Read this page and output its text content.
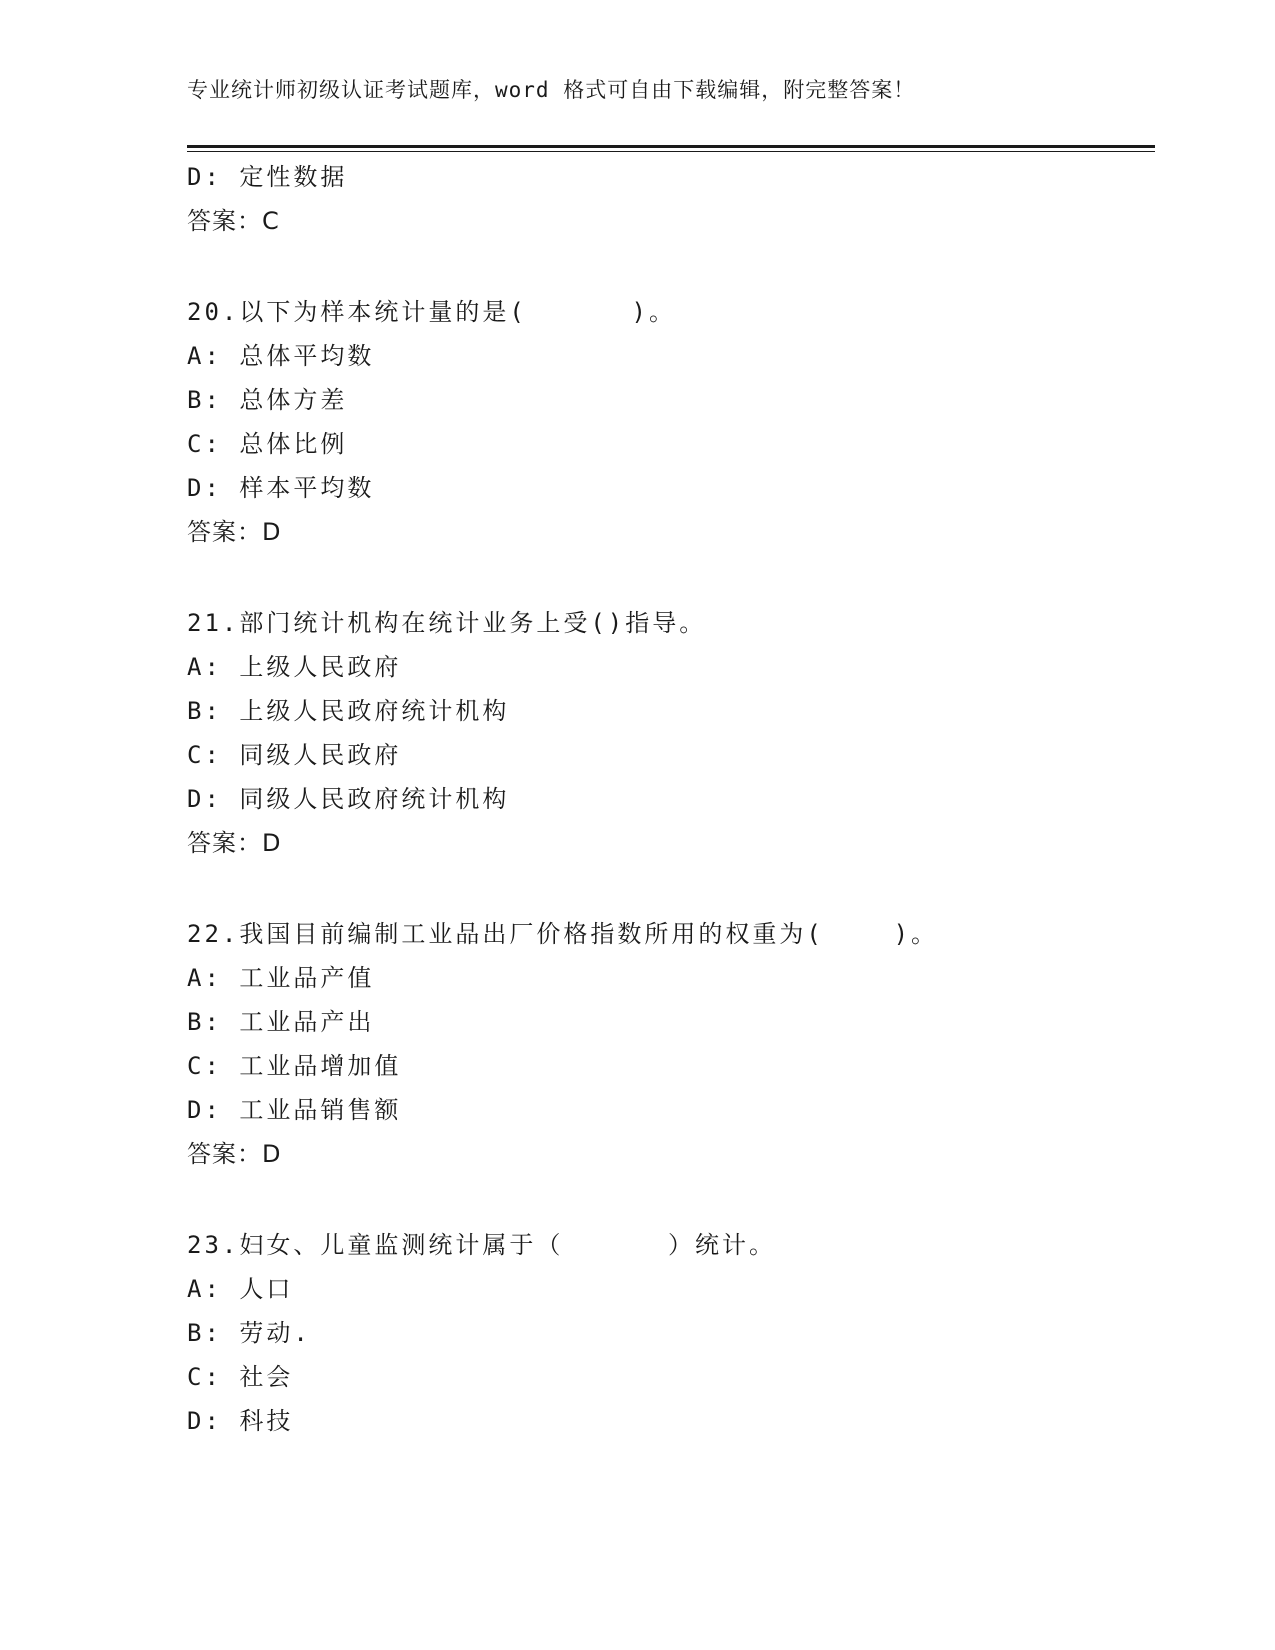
专业统计师初级认证考试题库，word 格式可自由下载编辑，附完整答案！
D: 定性数据
答案：C
20.以下为样本统计量的是(      )。
A: 总体平均数
B: 总体方差
C: 总体比例
D: 样本平均数
答案：D
21.部门统计机构在统计业务上受()指导。
A: 上级人民政府
B: 上级人民政府统计机构
C: 同级人民政府
D: 同级人民政府统计机构
答案：D
22.我国目前编制工业品出厂价格指数所用的权重为(    )。
A: 工业品产值
B: 工业品产出
C: 工业品增加值
D: 工业品销售额
答案：D
23.妇女、儿童监测统计属于（      ）统计。
A: 人口
B: 劳动.
C: 社会
D: 科技
